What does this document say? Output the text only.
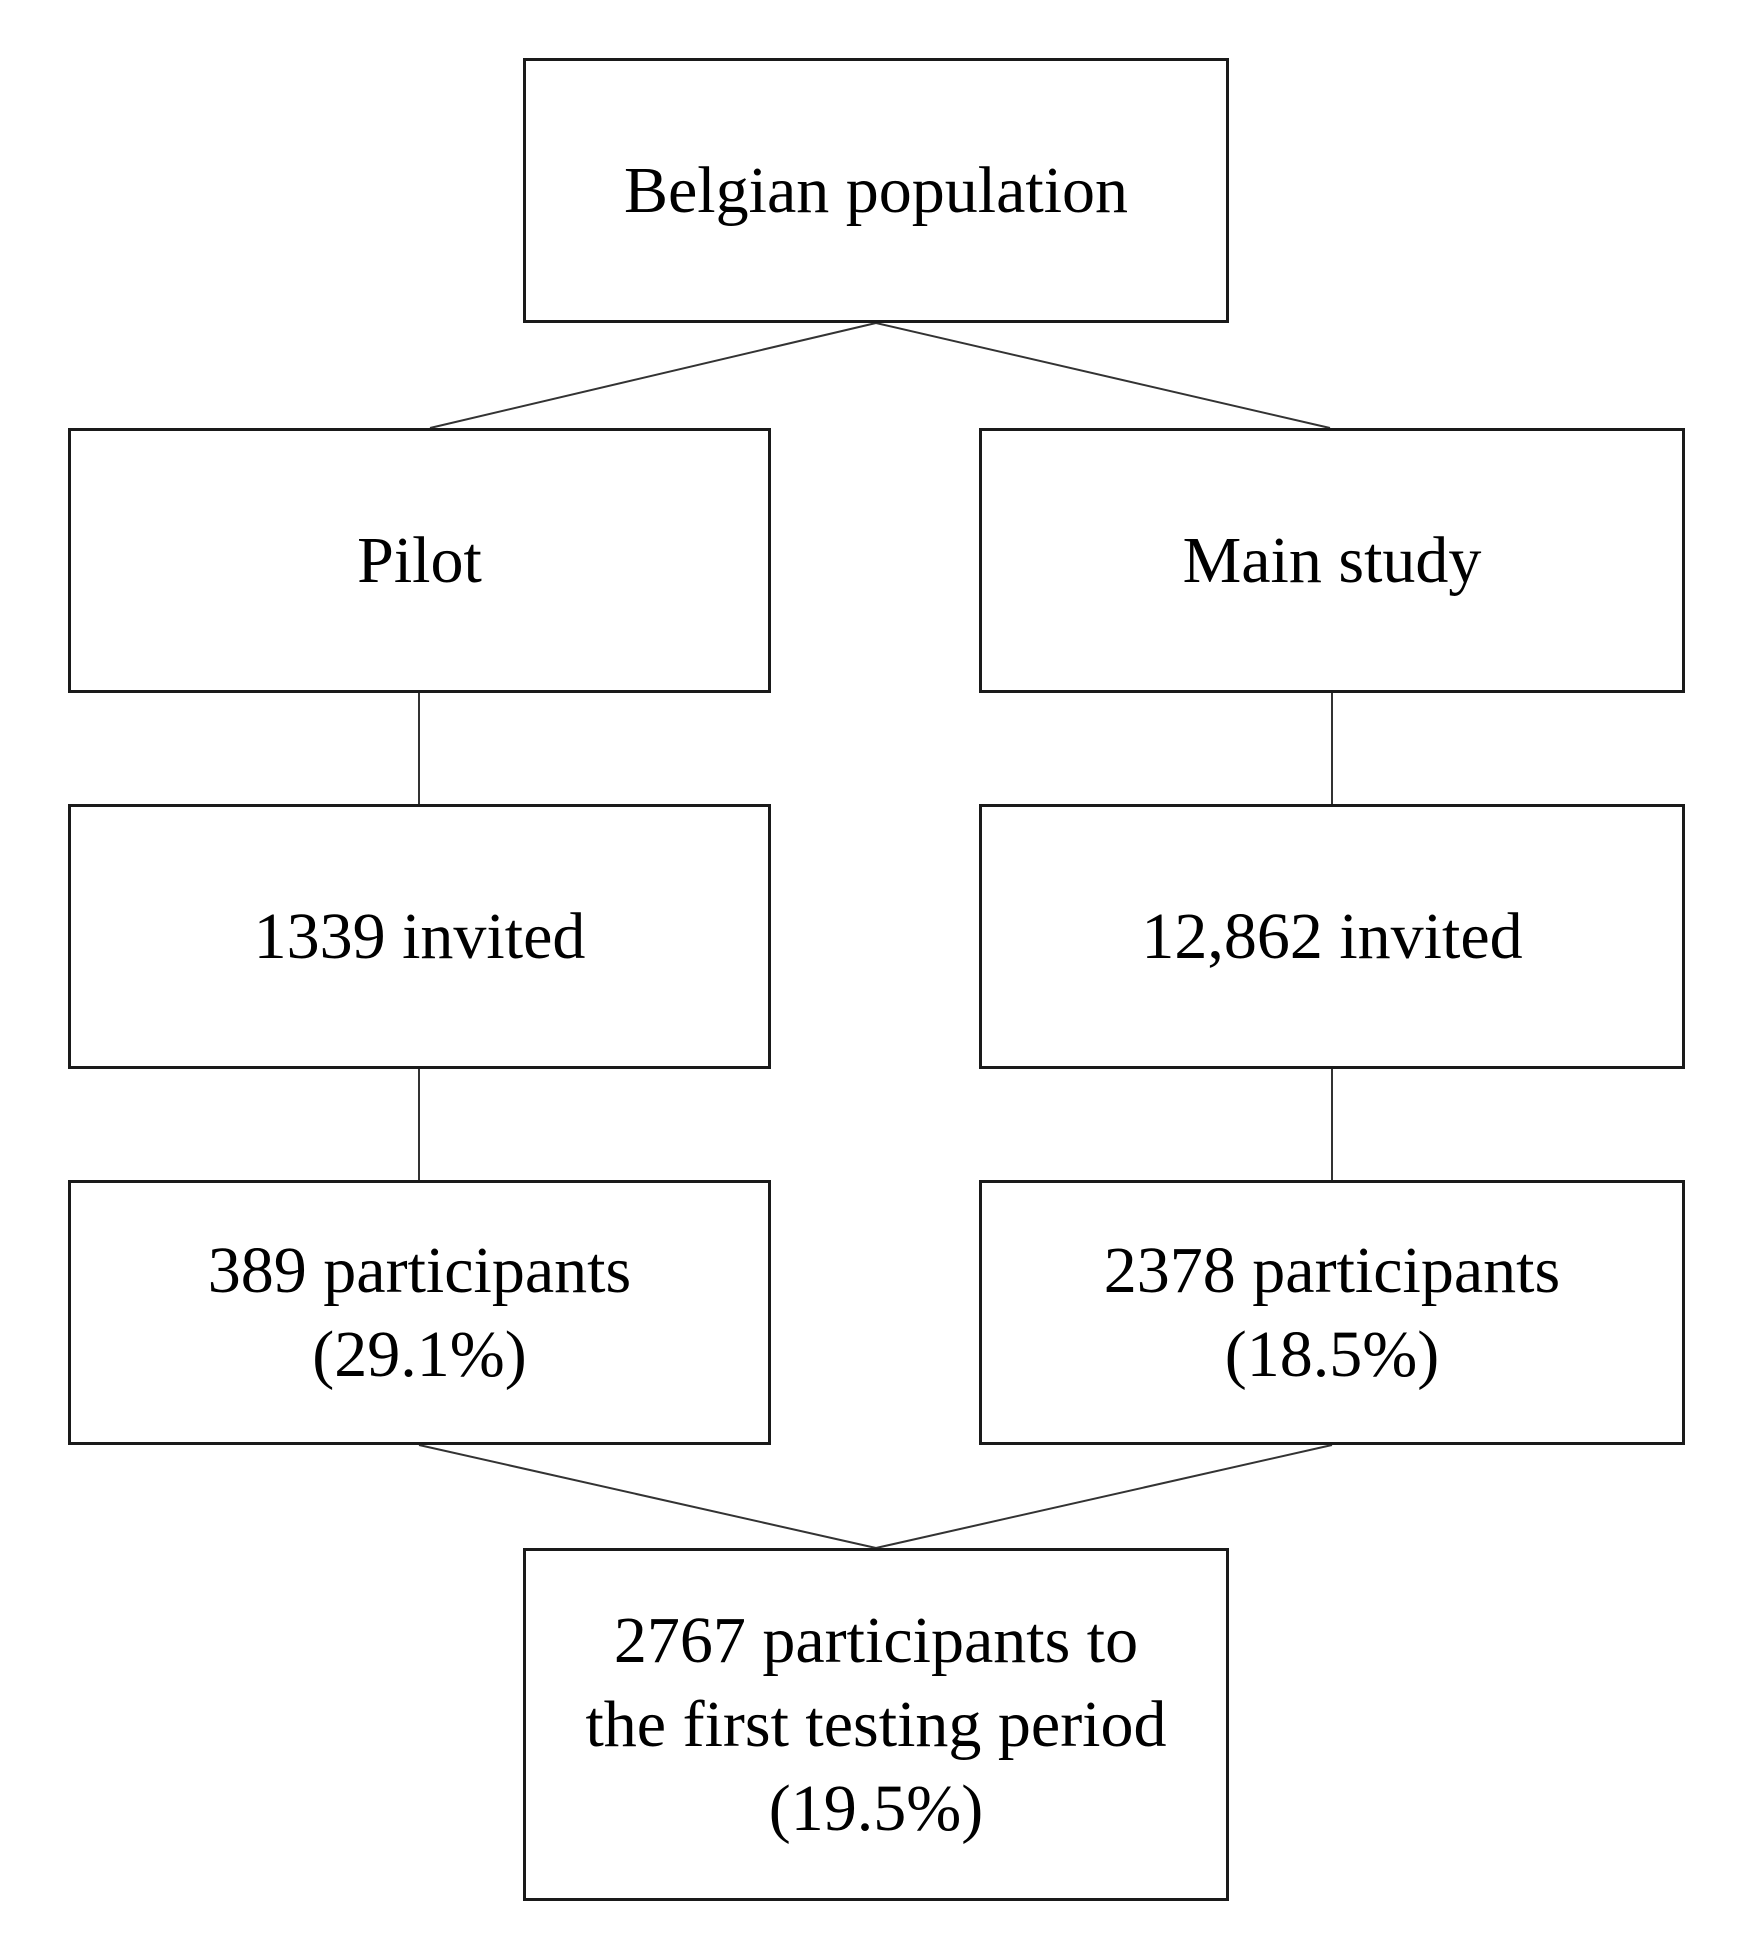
Belgian population
Pilot	Main study
1339 invited	12,862 invited
389 participants
(29.1%)
2378 participants
(18.5%)
2767 participants to
the first testing period
(19.5%)
